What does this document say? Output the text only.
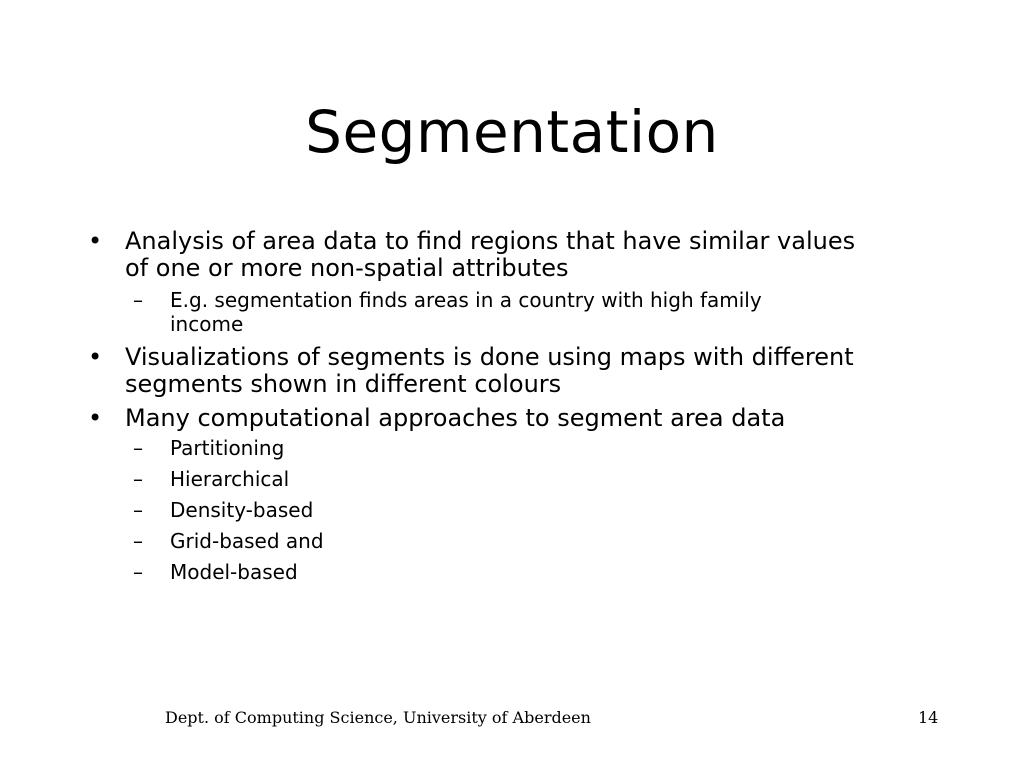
Segmentation
• Analysis of area data to find regions that have similar values
of one or more non-spatial attributes
– E.g. segmentation finds areas in a country with high family
income
• Visualizations of segments is done using maps with different
segments shown in different colours
• Many computational approaches to segment area data
– Partitioning
– Hierarchical
– Density-based
– Grid-based and
– Model-based
Dept. of Computing Science, University of Aberdeen	14
